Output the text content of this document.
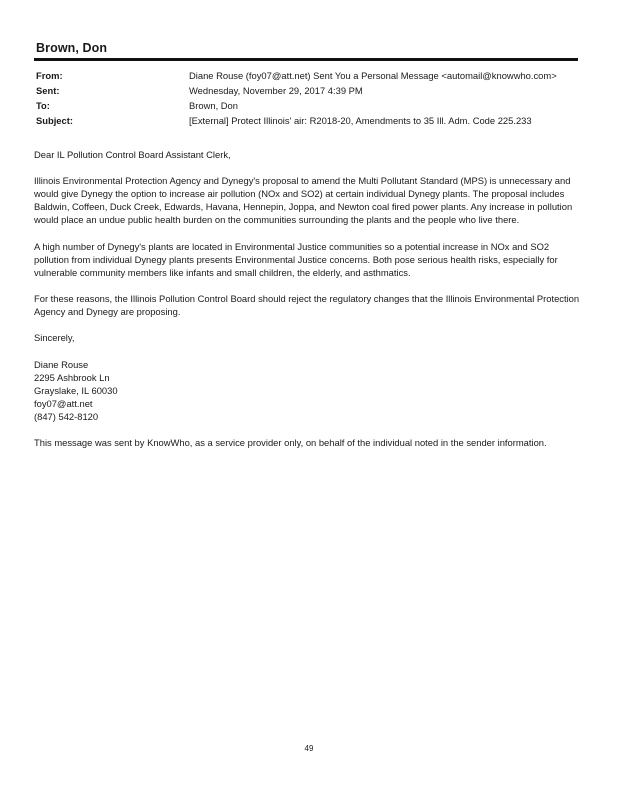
Brown, Don
From:	Diane Rouse (foy07@att.net) Sent You a Personal Message <automail@knowwho.com>
Sent:	Wednesday, November 29, 2017 4:39 PM
To:	Brown, Don
Subject:	[External] Protect Illinois' air: R2018-20, Amendments to 35 Ill. Adm. Code 225.233

Dear IL Pollution Control Board Assistant Clerk,

Illinois Environmental Protection Agency and Dynegy's proposal to amend the Multi Pollutant Standard (MPS) is unnecessary and would give Dynegy the option to increase air pollution (NOx and SO2) at certain individual Dynegy plants. The proposal includes Baldwin, Coffeen, Duck Creek, Edwards, Havana, Hennepin, Joppa, and Newton coal fired power plants. Any increase in pollution would place an undue public health burden on the communities surrounding the plants and the people who live there.

A high number of Dynegy's plants are located in Environmental Justice communities so a potential increase in NOx and SO2 pollution from individual Dynegy plants presents Environmental Justice concerns. Both pose serious health risks, especially for vulnerable community members like infants and small children, the elderly, and asthmatics.

For these reasons, the Illinois Pollution Control Board should reject the regulatory changes that the Illinois Environmental Protection Agency and Dynegy are proposing.

Sincerely,

Diane Rouse
2295 Ashbrook Ln
Grayslake, IL 60030
foy07@att.net
(847) 542-8120

This message was sent by KnowWho, as a service provider only, on behalf of the individual noted in the sender information.

49
